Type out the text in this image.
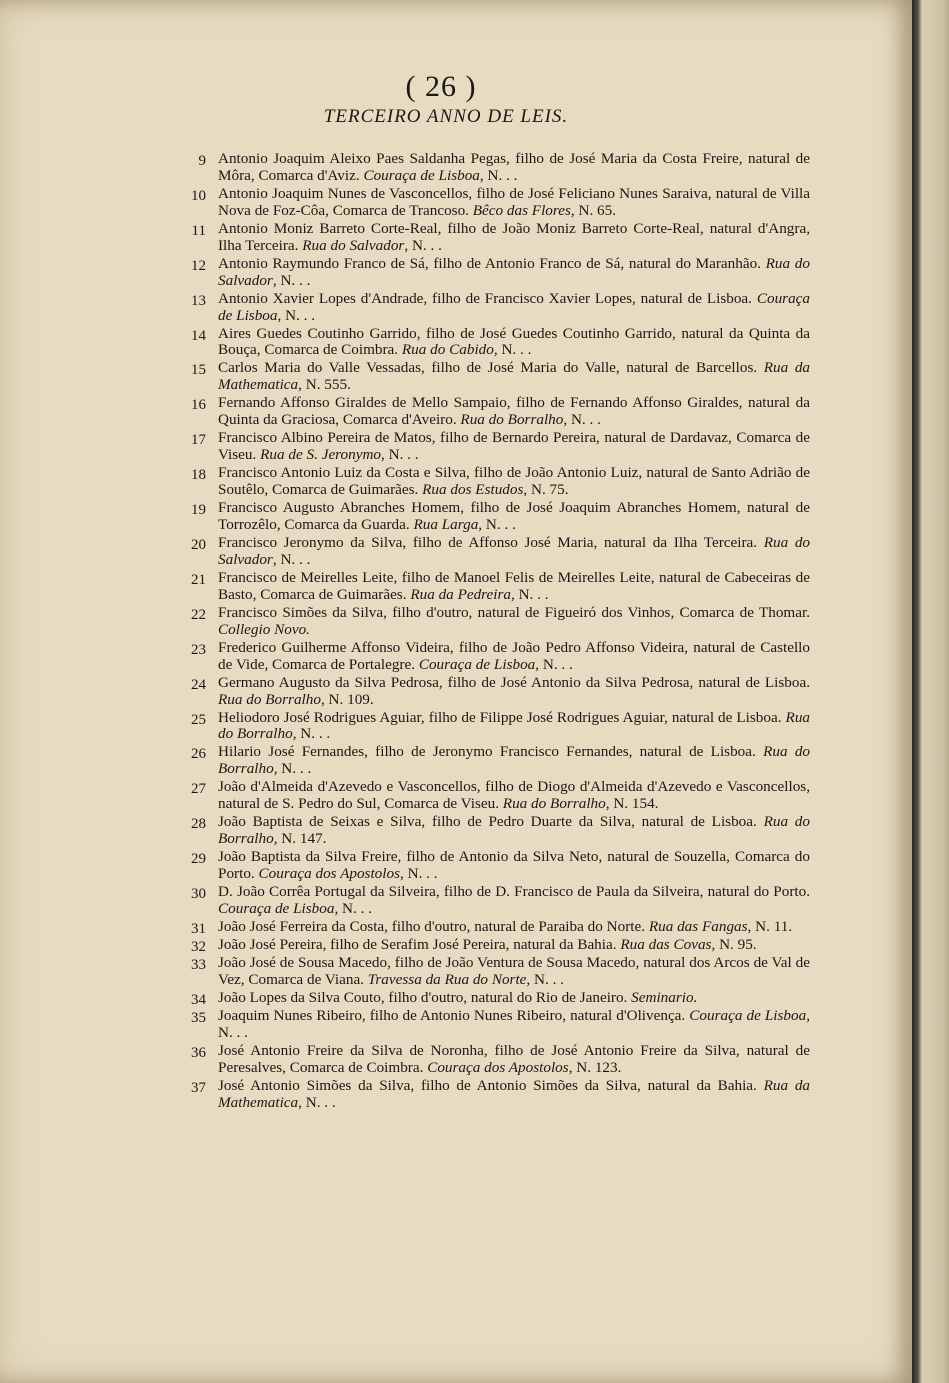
( 26 )
TERCEIRO ANNO DE LEIS.

9 Antonio Joaquim Aleixo Paes Saldanha Pegas, filho de José Maria da Costa Freire, natural de Môra, Comarca d'Aviz. Couraça de Lisboa, N. . .

10 Antonio Joaquim Nunes de Vasconcellos, filho de José Feliciano Nunes Saraiva, natural de Villa Nova de Foz-Côa, Comarca de Trancoso. Bêco das Flores, N. 65.

11 Antonio Moniz Barreto Corte-Real, filho de João Moniz Barreto Corte-Real, natural d'Angra, Ilha Terceira. Rua do Salvador, N. . .

12 Antonio Raymundo Franco de Sá, filho de Antonio Franco de Sá, natural do Maranhão. Rua do Salvador, N. . .

13 Antonio Xavier Lopes d'Andrade, filho de Francisco Xavier Lopes, natural de Lisboa. Couraça de Lisboa, N. . .

14 Aires Guedes Coutinho Garrido, filho de José Guedes Coutinho Garrido, natural da Quinta da Bouça, Comarca de Coimbra. Rua do Cabido, N. . .

15 Carlos Maria do Valle Vessadas, filho de José Maria do Valle, natural de Barcellos. Rua da Mathematica, N. 555.

16 Fernando Affonso Giraldes de Mello Sampaio, filho de Fernando Affonso Giraldes, natural da Quinta da Graciosa, Comarca d'Aveiro. Rua do Borralho, N. . .

17 Francisco Albino Pereira de Matos, filho de Bernardo Pereira, natural de Dardavaz, Comarca de Viseu. Rua de S. Jeronymo, N. . .

18 Francisco Antonio Luiz da Costa e Silva, filho de João Antonio Luiz, natural de Santo Adrião de Soutêlo, Comarca de Guimarães. Rua dos Estudos, N. 75.

19 Francisco Augusto Abranches Homem, filho de José Joaquim Abranches Homem, natural de Torrozêlo, Comarca da Guarda. Rua Larga, N. . .

20 Francisco Jeronymo da Silva, filho de Affonso José Maria, natural da Ilha Terceira. Rua do Salvador, N. . .

21 Francisco de Meirelles Leite, filho de Manoel Felis de Meirelles Leite, natural de Cabeceiras de Basto, Comarca de Guimarães. Rua da Pedreira, N. . .

22 Francisco Simões da Silva, filho d'outro, natural de Figueiró dos Vinhos, Comarca de Thomar. Collegio Novo.

23 Frederico Guilherme Affonso Videira, filho de João Pedro Affonso Videira, natural de Castello de Vide, Comarca de Portalegre. Couraça de Lisboa, N. . .

24 Germano Augusto da Silva Pedrosa, filho de José Antonio da Silva Pedrosa, natural de Lisboa. Rua do Borralho, N. 109.

25 Heliodoro José Rodrigues Aguiar, filho de Filippe José Rodrigues Aguiar, natural de Lisboa. Rua do Borralho, N. . .

26 Hilario José Fernandes, filho de Jeronymo Francisco Fernandes, natural de Lisboa. Rua do Borralho, N. . .

27 João d'Almeida d'Azevedo e Vasconcellos, filho de Diogo d'Almeida d'Azevedo e Vasconcellos, natural de S. Pedro do Sul, Comarca de Viseu. Rua do Borralho, N. 154.

28 João Baptista de Seixas e Silva, filho de Pedro Duarte da Silva, natural de Lisboa. Rua do Borralho, N. 147.

29 João Baptista da Silva Freire, filho de Antonio da Silva Neto, natural de Souzella, Comarca do Porto. Couraça dos Apostolos, N. . .

30 D. João Corrêa Portugal da Silveira, filho de D. Francisco de Paula da Silveira, natural do Porto. Couraça de Lisboa, N. . .

31 João José Ferreira da Costa, filho d'outro, natural de Paraiba do Norte. Rua das Fangas, N. 11.

32 João José Pereira, filho de Serafim José Pereira, natural da Bahia. Rua das Covas, N. 95.

33 João José de Sousa Macedo, filho de João Ventura de Sousa Macedo, natural dos Arcos de Val de Vez, Comarca de Viana. Travessa da Rua do Norte, N. . .

34 João Lopes da Silva Couto, filho d'outro, natural do Rio de Janeiro. Seminario.

35 Joaquim Nunes Ribeiro, filho de Antonio Nunes Ribeiro, natural d'Olivença. Couraça de Lisboa, N. . .

36 José Antonio Freire da Silva de Noronha, filho de José Antonio Freire da Silva, natural de Peresalves, Comarca de Coimbra. Couraça dos Apostolos, N. 123.

37 José Antonio Simões da Silva, filho de Antonio Simões da Silva, natural da Bahia. Rua da Mathematica, N. . .
